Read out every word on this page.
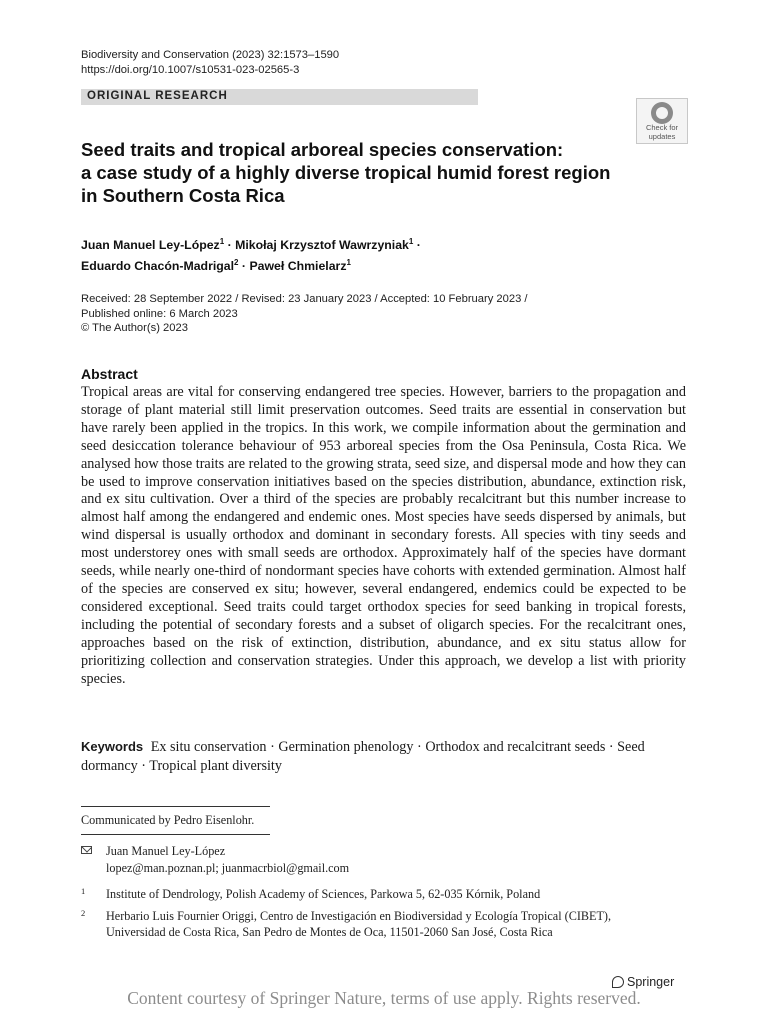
Biodiversity and Conservation (2023) 32:1573–1590
https://doi.org/10.1007/s10531-023-02565-3
ORIGINAL RESEARCH
Check for
updates
Seed traits and tropical arboreal species conservation:
a case study of a highly diverse tropical humid forest region
in Southern Costa Rica
Juan Manuel Ley-López$^1$ · Mikołaj Krzysztof Wawrzyniak$^1$ ·
Eduardo Chacón-Madrigal$^2$ · Paweł Chmielarz$^1$
Received: 28 September 2022 / Revised: 23 January 2023 / Accepted: 10 February 2023 /
Published online: 6 March 2023
© The Author(s) 2023
Abstract
Tropical areas are vital for conserving endangered tree species. However, barriers to the propagation and storage of plant material still limit preservation outcomes. Seed traits are essential in conservation but have rarely been applied in the tropics. In this work, we compile information about the germination and seed desiccation tolerance behaviour of 953 arboreal species from the Osa Peninsula, Costa Rica. We analysed how those traits are related to the growing strata, seed size, and dispersal mode and how they can be used to improve conservation initiatives based on the species distribution, abundance, extinction risk, and ex situ cultivation. Over a third of the species are probably recalcitrant but this number increase to almost half among the endangered and endemic ones. Most species have seeds dispersed by animals, but wind dispersal is usually orthodox and dominant in secondary forests. All species with tiny seeds and most understorey ones with small seeds are orthodox. Approximately half of the species have dormant seeds, while nearly one-third of nondormant species have cohorts with extended germination. Almost half of the species are conserved ex situ; however, several endangered, endemics could be expected to be considered exceptional. Seed traits could target orthodox species for seed banking in tropical forests, including the potential of secondary forests and a subset of oligarch species. For the recalcitrant ones, approaches based on the risk of extinction, distribution, abundance, and ex situ status allow for prioritizing collection and conservation strategies. Under this approach, we develop a list with priority species.
Keywords Ex situ conservation · Germination phenology · Orthodox and recalcitrant seeds · Seed dormancy · Tropical plant diversity
Communicated by Pedro Eisenlohr.
Juan Manuel Ley-López
lopez@man.poznan.pl; juanmacrbiol@gmail.com
1 Institute of Dendrology, Polish Academy of Sciences, Parkowa 5, 62-035 Kórnik, Poland
2 Herbario Luis Fournier Origgi, Centro de Investigación en Biodiversidad y Ecología Tropical (CIBET), Universidad de Costa Rica, San Pedro de Montes de Oca, 11501-2060 San José, Costa Rica
Springer
Content courtesy of Springer Nature, terms of use apply. Rights reserved.
